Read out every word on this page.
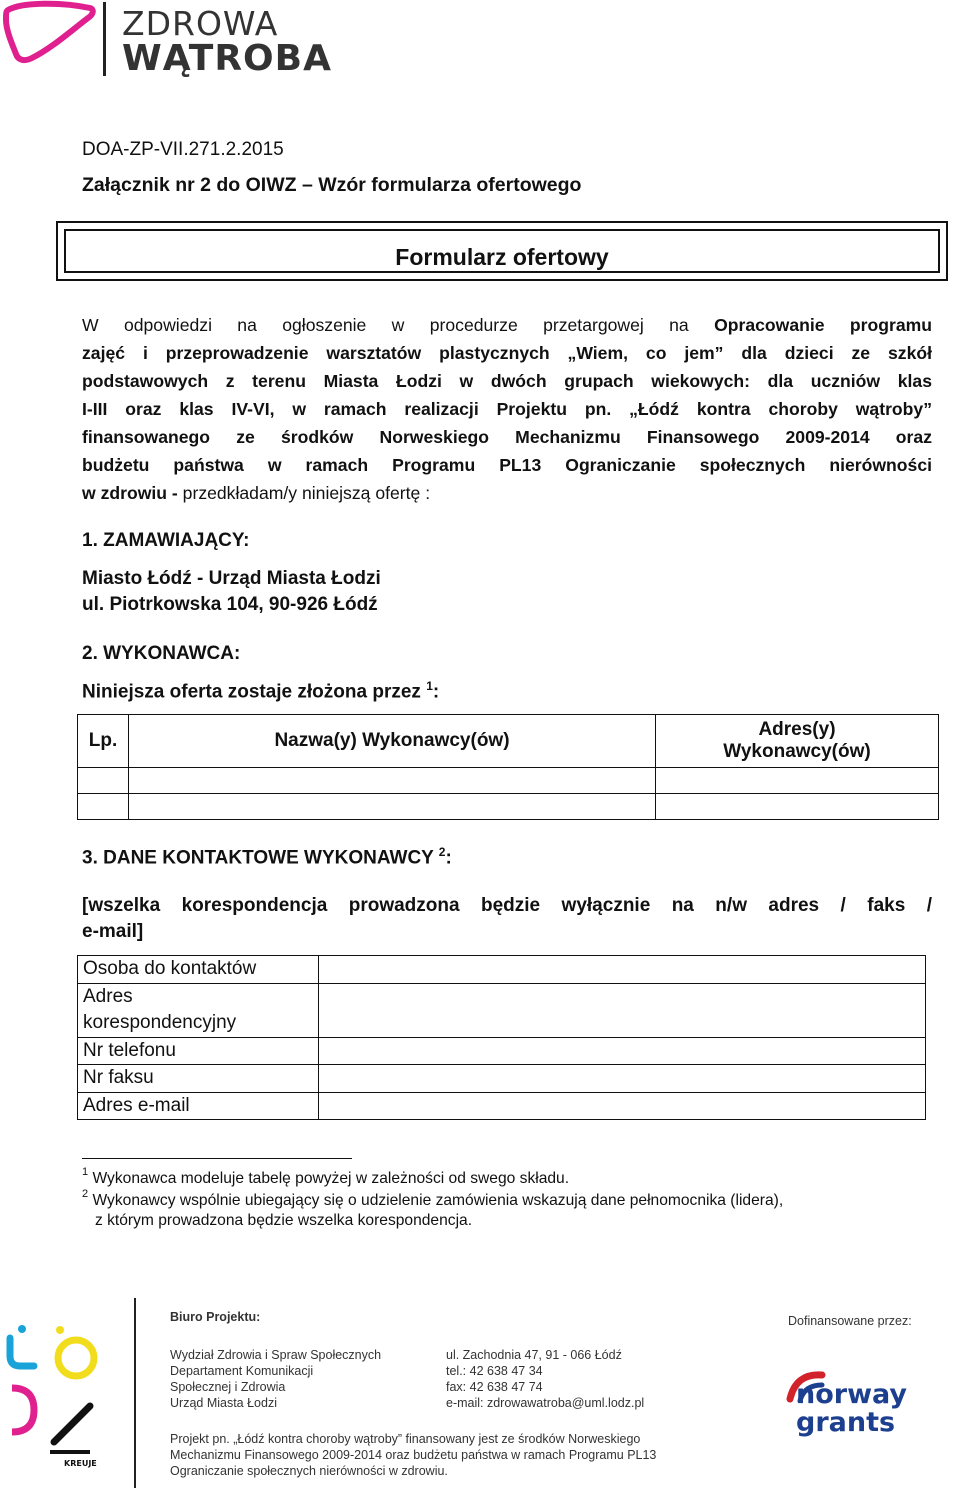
ZDROWA
WĄTROBA
DOA-ZP-VII.271.2.2015
Załącznik nr 2 do OIWZ – Wzór formularza ofertowego
Formularz ofertowy
W odpowiedzi na ogłoszenie w procedurze przetargowej na Opracowanie programu
zajęć i przeprowadzenie warsztatów plastycznych „Wiem, co jem” dla dzieci ze szkół
podstawowych z terenu Miasta Łodzi w dwóch grupach wiekowych: dla uczniów klas
I-III oraz klas IV-VI, w ramach realizacji Projektu pn. „Łódź kontra choroby wątroby”
finansowanego ze środków Norweskiego Mechanizmu Finansowego 2009-2014 oraz
budżetu państwa w ramach Programu PL13 Ograniczanie społecznych nierówności
w zdrowiu - przedkładam/y niniejszą ofertę :
1. ZAMAWIAJĄCY:
Miasto Łódź - Urząd Miasta Łodzi
ul. Piotrkowska 104, 90-926 Łódź
2. WYKONAWCA:
Niniejsza oferta zostaje złożona przez $^1$:
Lp.	Nazwa(y) Wykonawcy(ów)	Adres(y)
Wykonawcy(ów)

3. DANE KONTAKTOWE WYKONAWCY $^2$:
[wszelka korespondencja prowadzona będzie wyłącznie na n/w adres / faks /
e-mail]
Osoba do kontaktów	
Adres
korespondencyjny	
Nr telefonu	
Nr faksu	
Adres e-mail	
$^1$ Wykonawca modeluje tabelę powyżej w zależności od swego składu.
$^2$ Wykonawcy wspólnie ubiegający się o udzielenie zamówienia wskazują dane pełnomocnika (lidera),
z którym prowadzona będzie wszelka korespondencja.
KREUJE
Biuro Projektu:
Wydział Zdrowia i Spraw Społecznych
Departament Komunikacji
Społecznej i Zdrowia
Urząd Miasta Łodzi
ul. Zachodnia 47, 91 - 066 Łódź
tel.: 42 638 47 34
fax: 42 638 47 74
e-mail: zdrowawatroba@uml.lodz.pl
Dofinansowane przez:
norway
grants
Projekt pn. „Łódź kontra choroby wątroby” finansowany jest ze środków Norweskiego
Mechanizmu Finansowego 2009-2014 oraz budżetu państwa w ramach Programu PL13
Ograniczanie społecznych nierówności w zdrowiu.
